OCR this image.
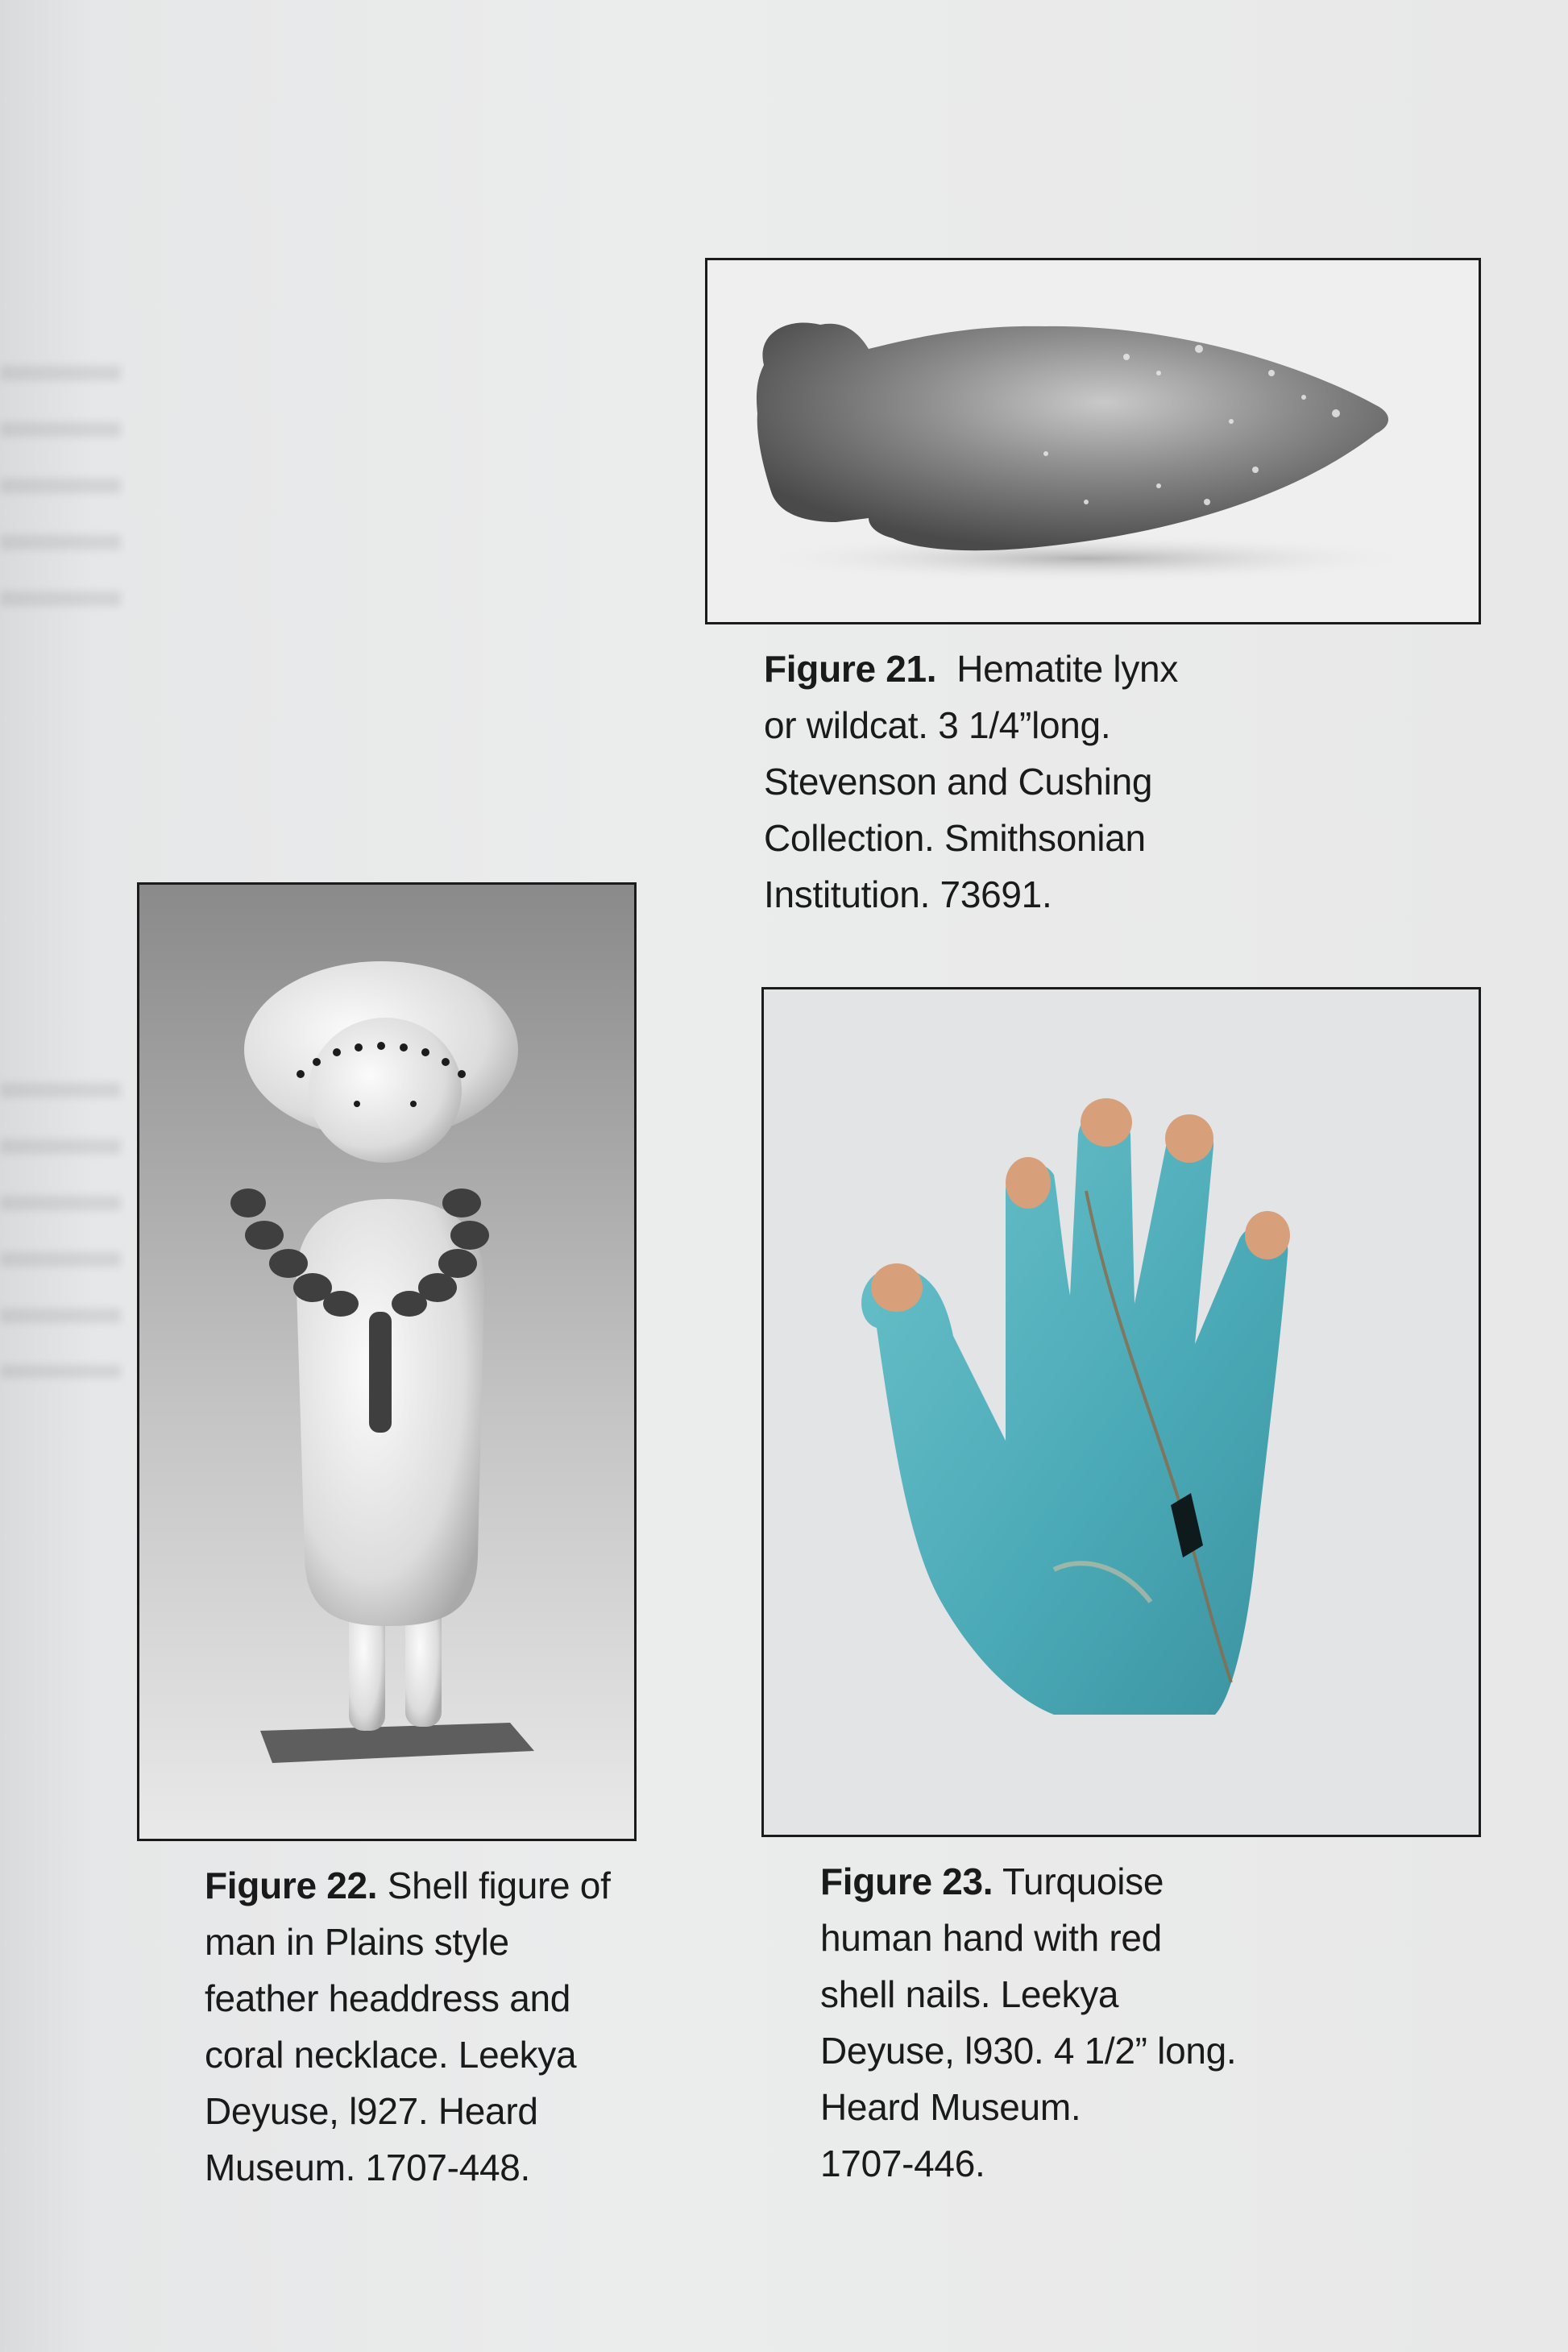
Figure 21. Hematite lynx
or wildcat. 3 1/4”long.
Stevenson and Cushing
Collection. Smithsonian
Institution. 73691.
Figure 22. Shell figure of
man in Plains style
feather headdress and
coral necklace. Leekya
Deyuse, l927. Heard
Museum. 1707-448.
Figure 23. Turquoise
human hand with red
shell nails. Leekya
Deyuse, l930. 4 1/2” long.
Heard Museum.
1707-446.
